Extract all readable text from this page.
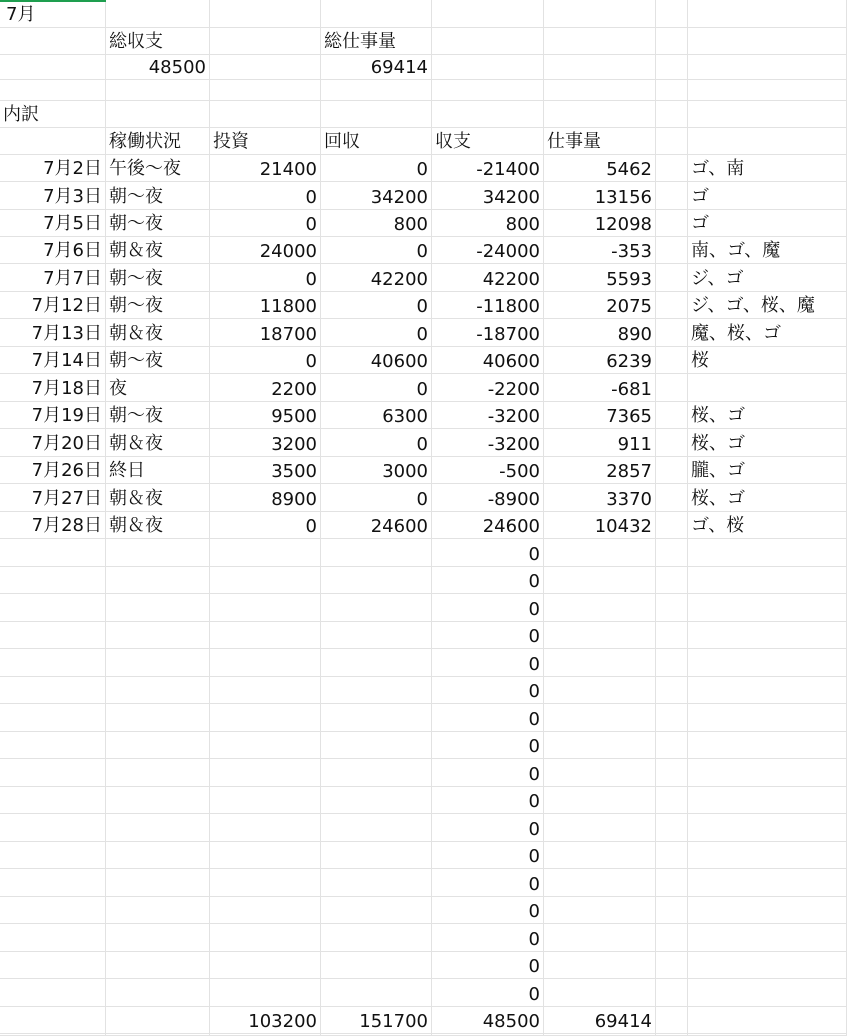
7月
総収支	総仕事量
48500	69414
内訳
稼働状況	投資	回収	収支	仕事量
7月2日 午後〜夜	21400	0	-21400	5462 ゴ、南
7月3日 朝〜夜	0	34200	34200	13156 ゴ
7月5日 朝〜夜	0	800	800	12098 ゴ
7月6日 朝＆夜	24000	0	-24000	-353 南、ゴ、魔
7月7日 朝〜夜	0	42200	42200	5593 ジ、ゴ
7月12日 朝〜夜	11800	0	-11800	2075 ジ、ゴ、桜、魔
7月13日 朝＆夜	18700	0	-18700	890 魔、桜、ゴ
7月14日 朝〜夜	0	40600	40600	6239 桜
7月18日 夜	2200	0	-2200	-681
7月19日 朝〜夜	9500	6300	-3200	7365 桜、ゴ
7月20日 朝＆夜	3200	0	-3200	911 桜、ゴ
7月26日 終日	3500	3000	-500	2857 朧、ゴ
7月27日 朝＆夜	8900	0	-8900	3370 桜、ゴ
7月28日 朝＆夜	0	24600	24600	10432 ゴ、桜
0
0
0
0
0
0
0
0
0
0
0
0
0
0
0
0
0
103200	151700	48500	69414
